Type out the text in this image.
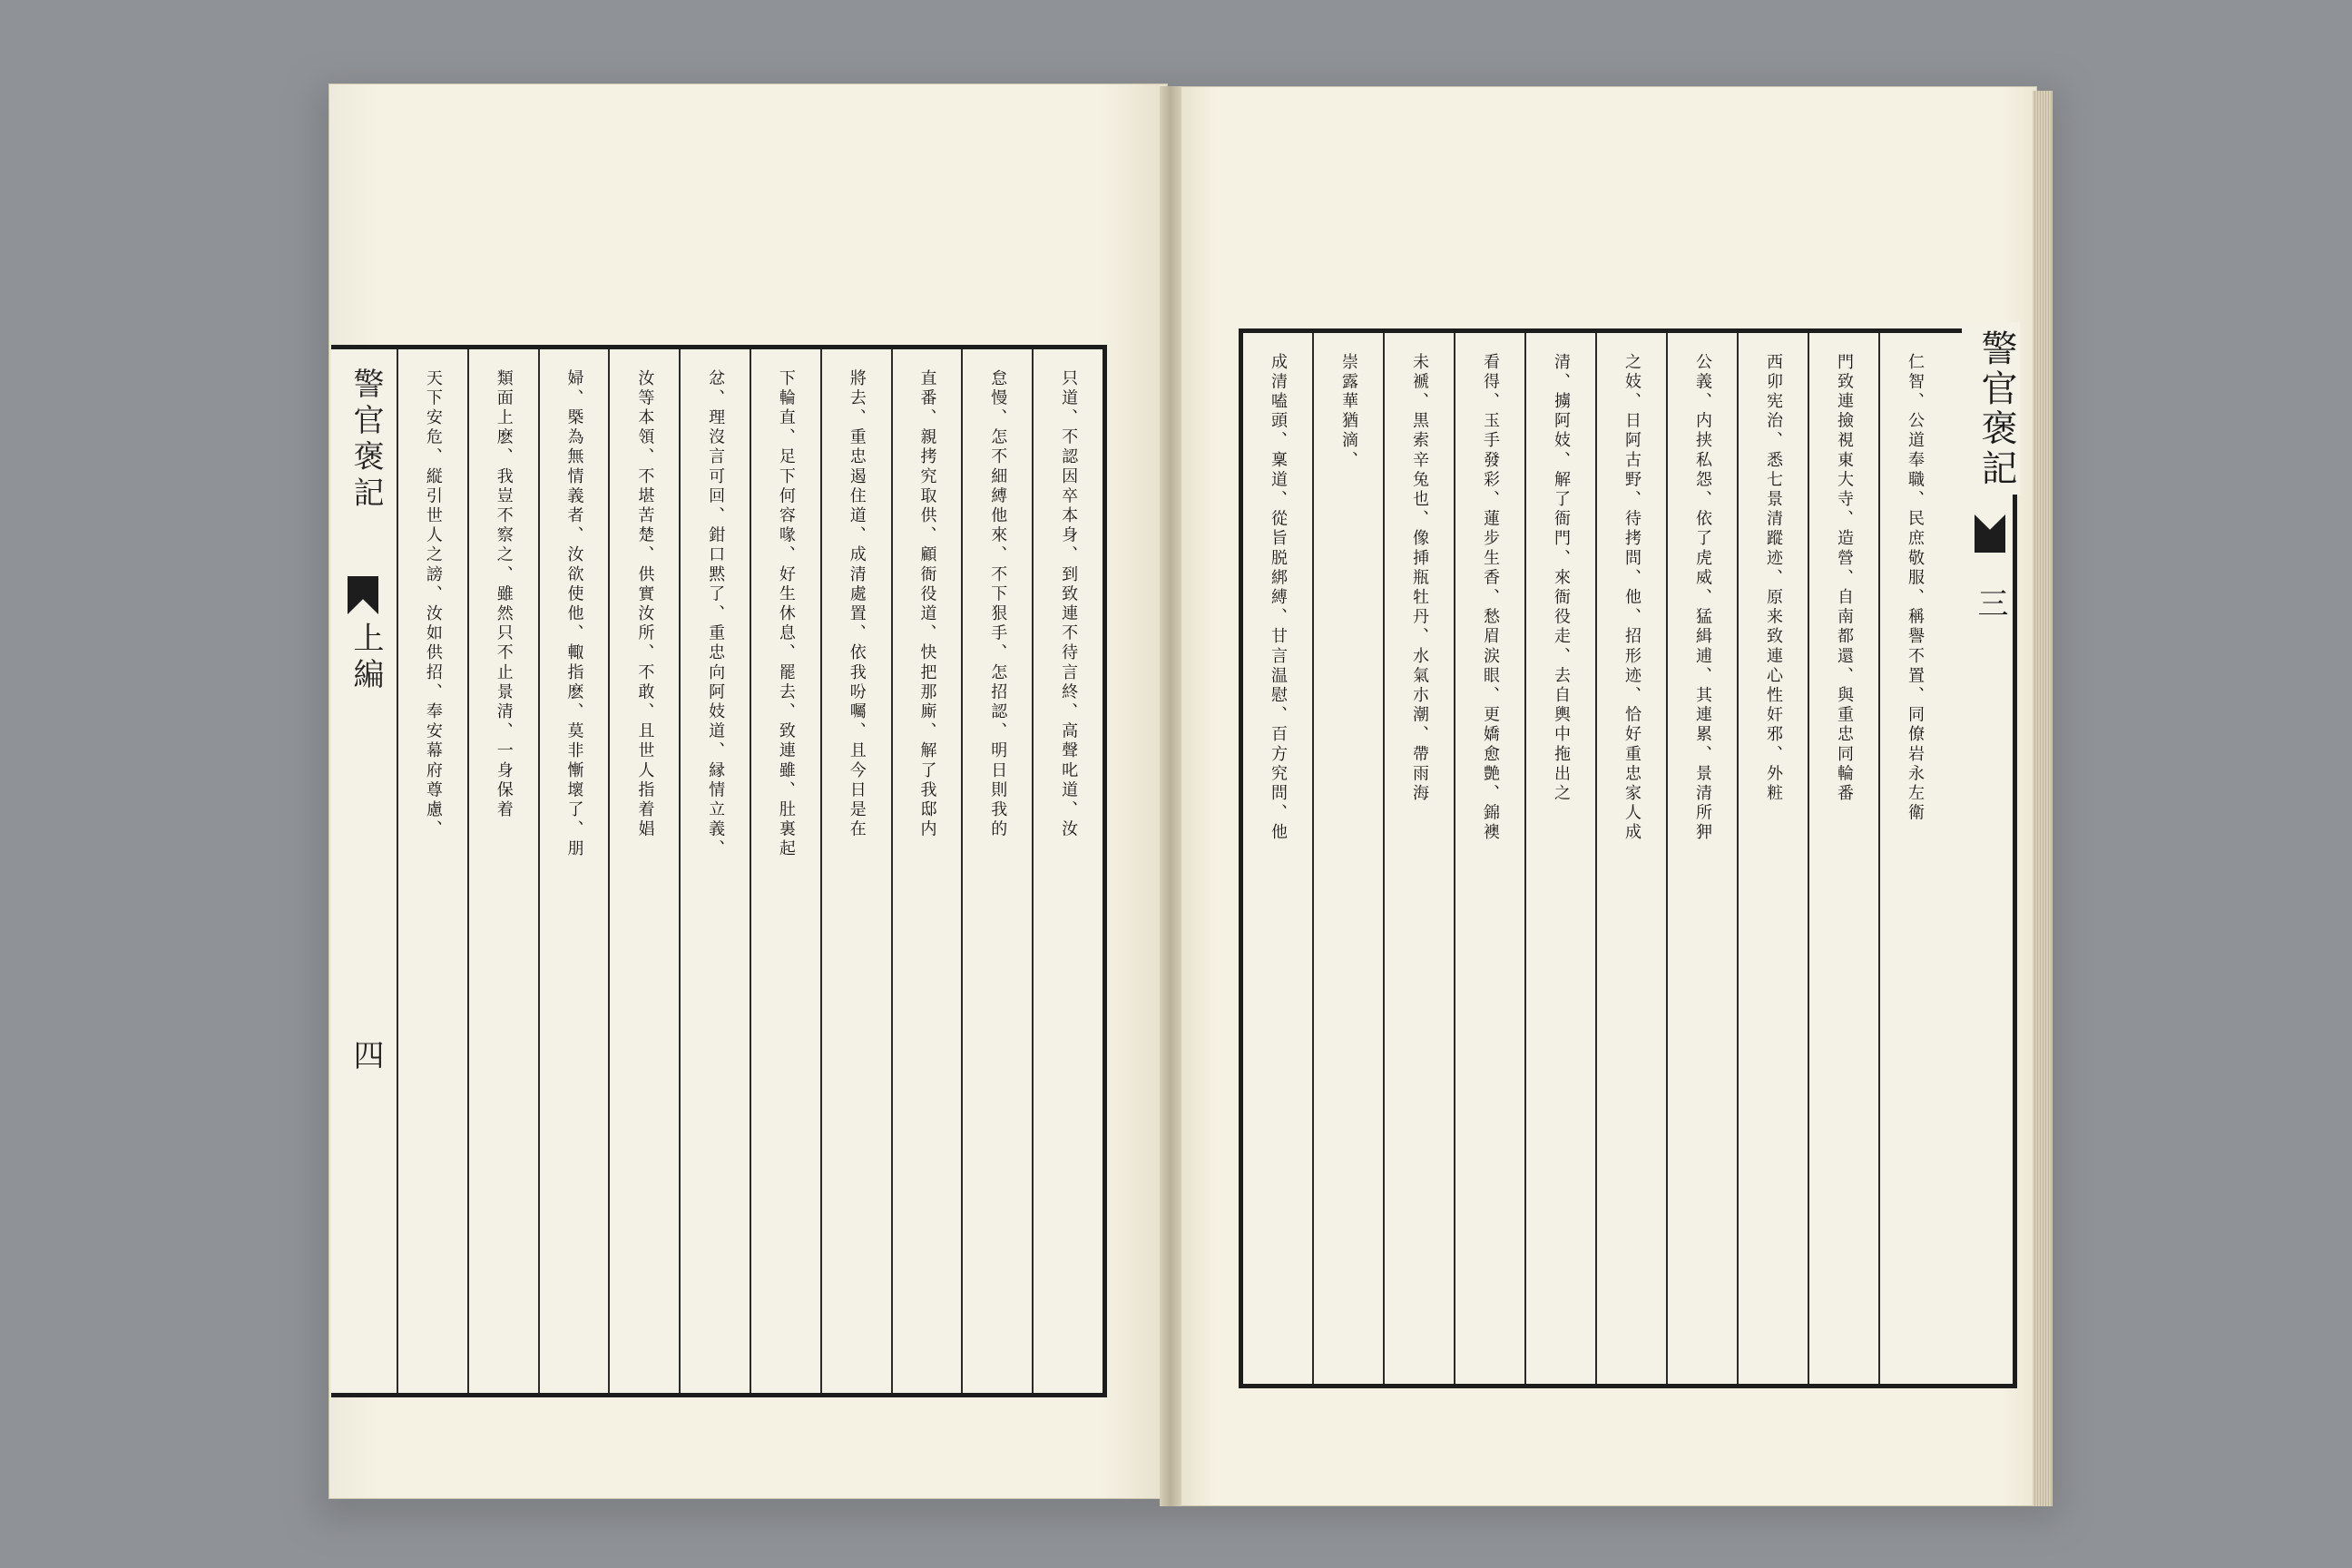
警官褒記
三
仁智、公道奉職、民庶敬服、稱譽不置、同僚岩永左衛
門致連撿視東大寺、造營、自南都還、與重忠同輪番
西卯宪治、悉七景清蹤迹、原来致連心性奸邪、外粧
公義、内挟私怨、依了虎威、猛緝逋、其連累、景清所狎
之妓、日阿古野、待拷問、他、招形迹、恰好重忠家人成
清、擄阿妓、解了衙門、來衙役走、去自輿中拖出之
看得、玉手發彩、蓮步生香、愁眉涙眼、更嬌愈艶、錦襖
未褫、黒索辛兔也、像挿瓶牡丹、水氣朩潮、帶雨海
崇露華猶滴、
成清嗑頭、稟道、從旨脱綁縛、甘言温慰、百方究問、他
警官褒記
上編
四
只道、不認因卒本身、到致連不待言終、高聲叱道、汝
怠慢、怎不細縛他來、不下狠手、怎招認、明日則我的
直番、親拷究取供、顧衙役道、快把那廝、解了我邸内
將去、重忠遏住道、成清處置、依我吩囑、且今日是在
下輪直、足下何容喙、好生休息、罷去、致連雖、肚裏起
忿、理沒言可回、鉗口黙了、重忠向阿妓道、縁情立義、
汝等本領、不堪苦楚、供實汝所、不敢、且世人指着娼
婦、槩為無情義者、汝欲使他、輙指麽、莫非慚壞了、朋
類面上麽、我豈不察之、雖然只不止景清、一身保着
天下安危、縦引世人之謗、汝如供招、奉安幕府尊慮、
